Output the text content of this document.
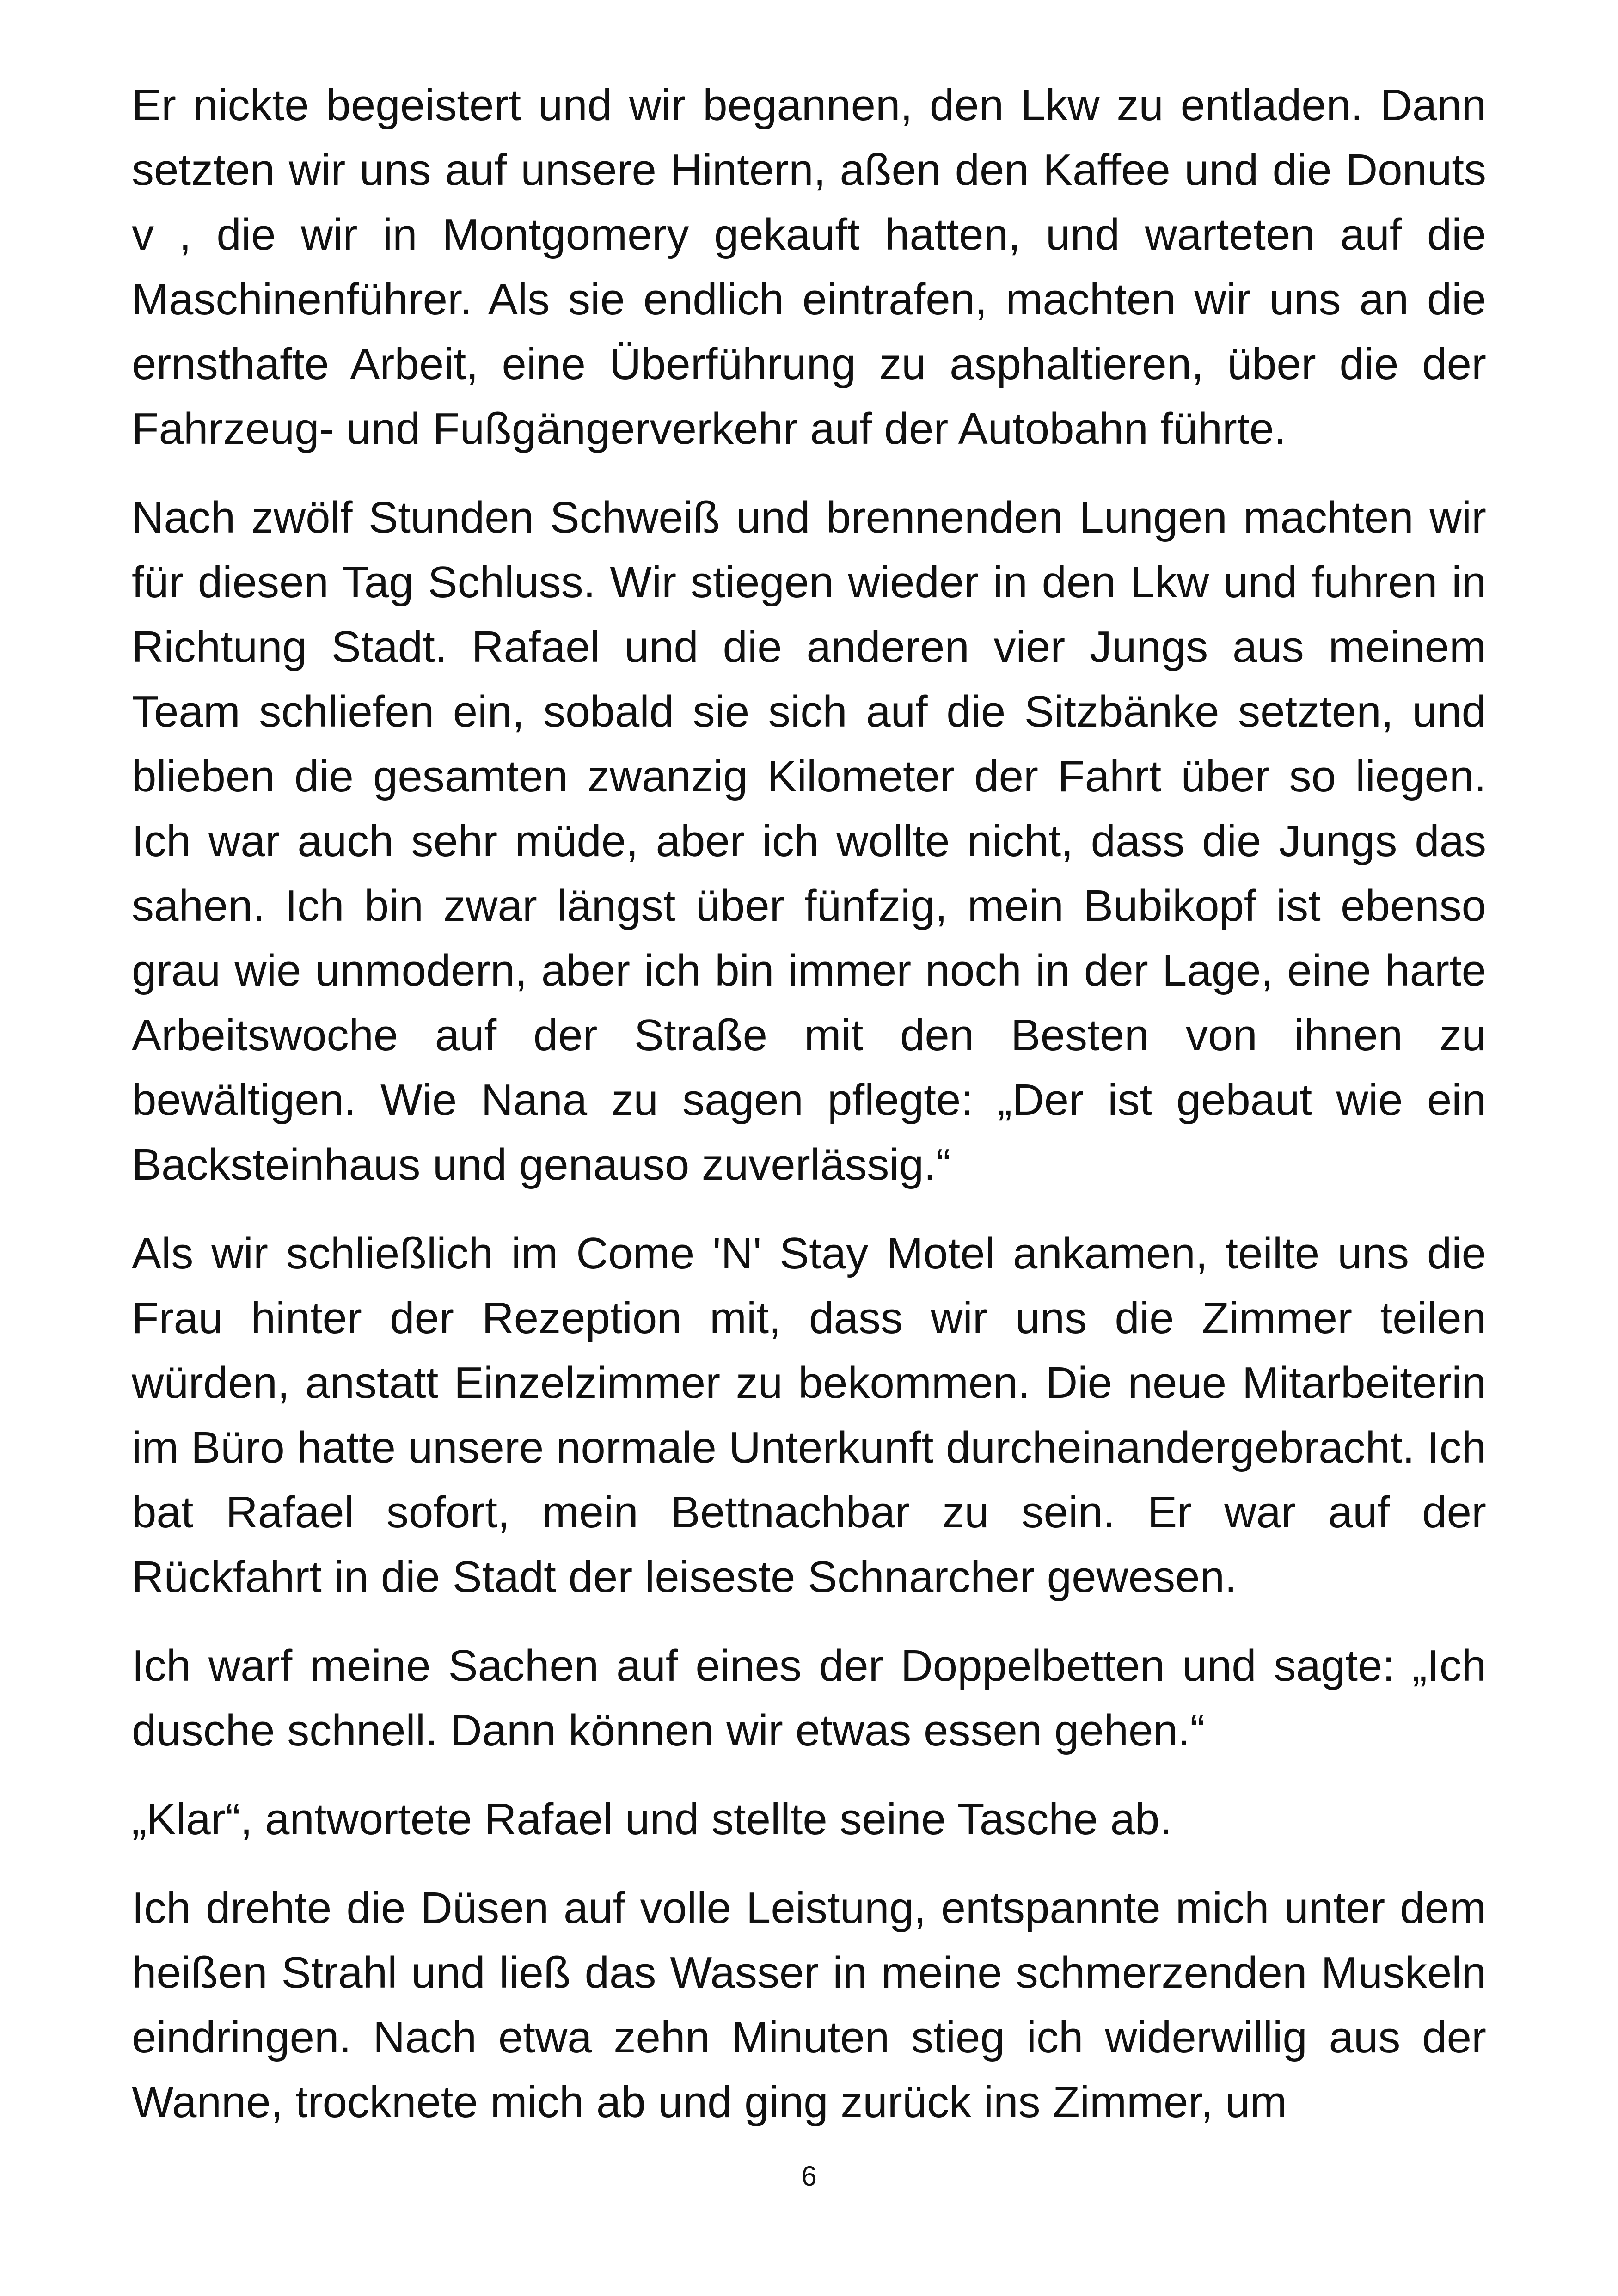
Er nickte begeistert und wir begannen, den Lkw zu entladen. Dann setzten wir uns auf unsere Hintern, aßen den Kaffee und die Donuts v , die wir in Montgomery gekauft hatten, und warteten auf die Maschinenführer. Als sie endlich eintrafen, machten wir uns an die ernsthafte Arbeit, eine Überführung zu asphaltieren, über die der Fahrzeug- und Fußgängerverkehr auf der Autobahn führte.

Nach zwölf Stunden Schweiß und brennenden Lungen machten wir für diesen Tag Schluss. Wir stiegen wieder in den Lkw und fuhren in Richtung Stadt. Rafael und die anderen vier Jungs aus meinem Team schliefen ein, sobald sie sich auf die Sitzbänke setzten, und blieben die gesamten zwanzig Kilometer der Fahrt über so liegen. Ich war auch sehr müde, aber ich wollte nicht, dass die Jungs das sahen. Ich bin zwar längst über fünfzig, mein Bubikopf ist ebenso grau wie unmodern, aber ich bin immer noch in der Lage, eine harte Arbeitswoche auf der Straße mit den Besten von ihnen zu bewältigen. Wie Nana zu sagen pflegte: „Der ist gebaut wie ein Backsteinhaus und genauso zuverlässig.“

Als wir schließlich im Come 'N' Stay Motel ankamen, teilte uns die Frau hinter der Rezeption mit, dass wir uns die Zimmer teilen würden, anstatt Einzelzimmer zu bekommen. Die neue Mitarbeiterin im Büro hatte unsere normale Unterkunft durcheinandergebracht. Ich bat Rafael sofort, mein Bettnachbar zu sein. Er war auf der Rückfahrt in die Stadt der leiseste Schnarcher gewesen.

Ich warf meine Sachen auf eines der Doppelbetten und sagte: „Ich dusche schnell. Dann können wir etwas essen gehen.“

„Klar“, antwortete Rafael und stellte seine Tasche ab.

Ich drehte die Düsen auf volle Leistung, entspannte mich unter dem heißen Strahl und ließ das Wasser in meine schmerzenden Muskeln eindringen. Nach etwa zehn Minuten stieg ich widerwillig aus der Wanne, trocknete mich ab und ging zurück ins Zimmer, um

6
